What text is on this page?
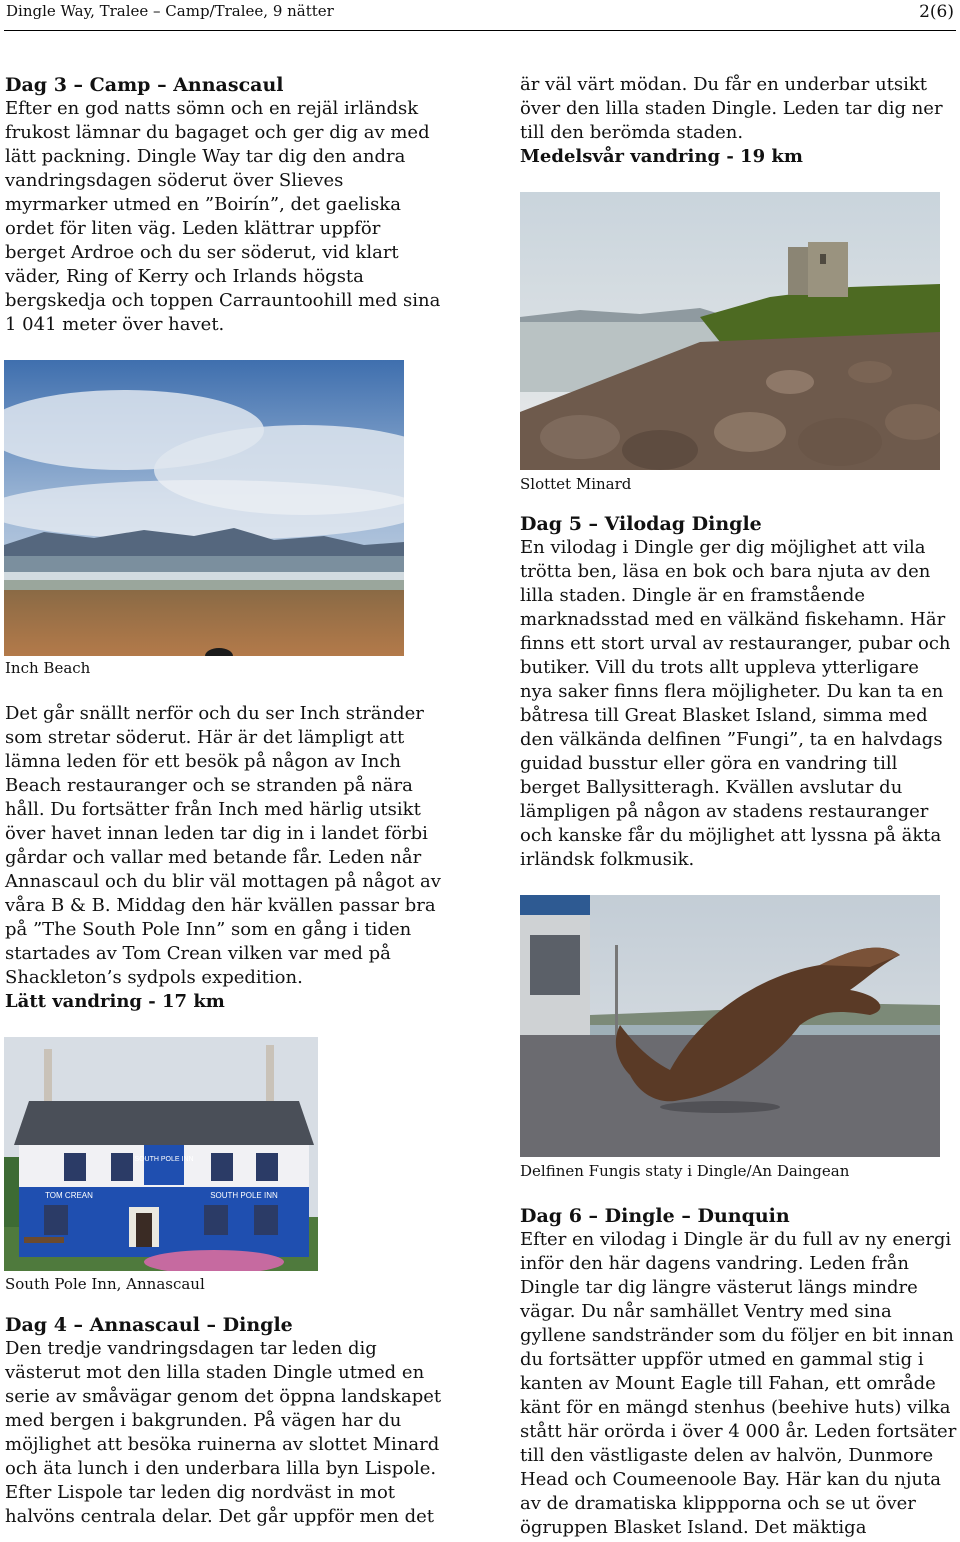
Dingle Way, Tralee – Camp/Tralee, 9 nätter	2(6)

Dag 3 – Camp – Annascaul

Efter en god natts sömn och en rejäl irländsk frukost lämnar du bagaget och ger dig av med lätt packning. Dingle Way tar dig den andra vandringsdagen söderut över Slieves myrmarker utmed en ”Boirín”, det gaeliska ordet för liten väg. Leden klättrar uppför berget Ardroe och du ser söderut, vid klart väder, Ring of Kerry och Irlands högsta bergskedja och toppen Carrauntoohill med sina 1 041 meter över havet.

Inch Beach

Det går snällt nerför och du ser Inch stränder som stretar söderut. Här är det lämpligt att lämna leden för ett besök på någon av Inch Beach restauranger och se stranden på nära håll. Du fortsätter från Inch med härlig utsikt över havet innan leden tar dig in i landet förbi gårdar och vallar med betande får. Leden når Annascaul och du blir väl mottagen på något av våra B & B. Middag den här kvällen passar bra på ”The South Pole Inn” som en gång i tiden startades av Tom Crean vilken var med på Shackleton’s sydpols expedition.

Lätt vandring - 17 km

SOUTH POLE INN
TOM CREAN	SOUTH POLE INN

South Pole Inn, Annascaul

Dag 4 – Annascaul – Dingle

Den tredje vandringsdagen tar leden dig västerut mot den lilla staden Dingle utmed en serie av småvägar genom det öppna landskapet med bergen i bakgrunden. På vägen har du möjlighet att besöka ruinerna av slottet Minard och äta lunch i den underbara lilla byn Lispole. Efter Lispole tar leden dig nordväst in mot halvöns centrala delar. Det går uppför men det

är väl värt mödan. Du får en underbar utsikt över den lilla staden Dingle. Leden tar dig ner till den berömda staden.

Medelsvår vandring - 19 km

Slottet Minard

Dag 5 – Vilodag Dingle

En vilodag i Dingle ger dig möjlighet att vila trötta ben, läsa en bok och bara njuta av den lilla staden. Dingle är en framstående marknadsstad med en välkänd fiskehamn. Här finns ett stort urval av restauranger, pubar och butiker. Vill du trots allt uppleva ytterligare nya saker finns flera möjligheter. Du kan ta en båtresa till Great Blasket Island, simma med den välkända delfinen ”Fungi”, ta en halvdags guidad busstur eller göra en vandring till berget Ballysitteragh. Kvällen avslutar du lämpligen på någon av stadens restauranger och kanske får du möjlighet att lyssna på äkta irländsk folkmusik.

Delfinen Fungis staty i Dingle/An Daingean

Dag 6 – Dingle – Dunquin

Efter en vilodag i Dingle är du full av ny energi inför den här dagens vandring. Leden från Dingle tar dig längre västerut längs mindre vägar. Du når samhället Ventry med sina gyllene sandstränder som du följer en bit innan du fortsätter uppför utmed en gammal stig i kanten av Mount Eagle till Fahan, ett område känt för en mängd stenhus (beehive huts) vilka stått här orörda i över 4 000 år. Leden fortsäter till den västligaste delen av halvön, Dunmore Head och Coumeenoole Bay. Här kan du njuta av de dramatiska klippporna och se ut över ögruppen Blasket Island. Det mäktiga
